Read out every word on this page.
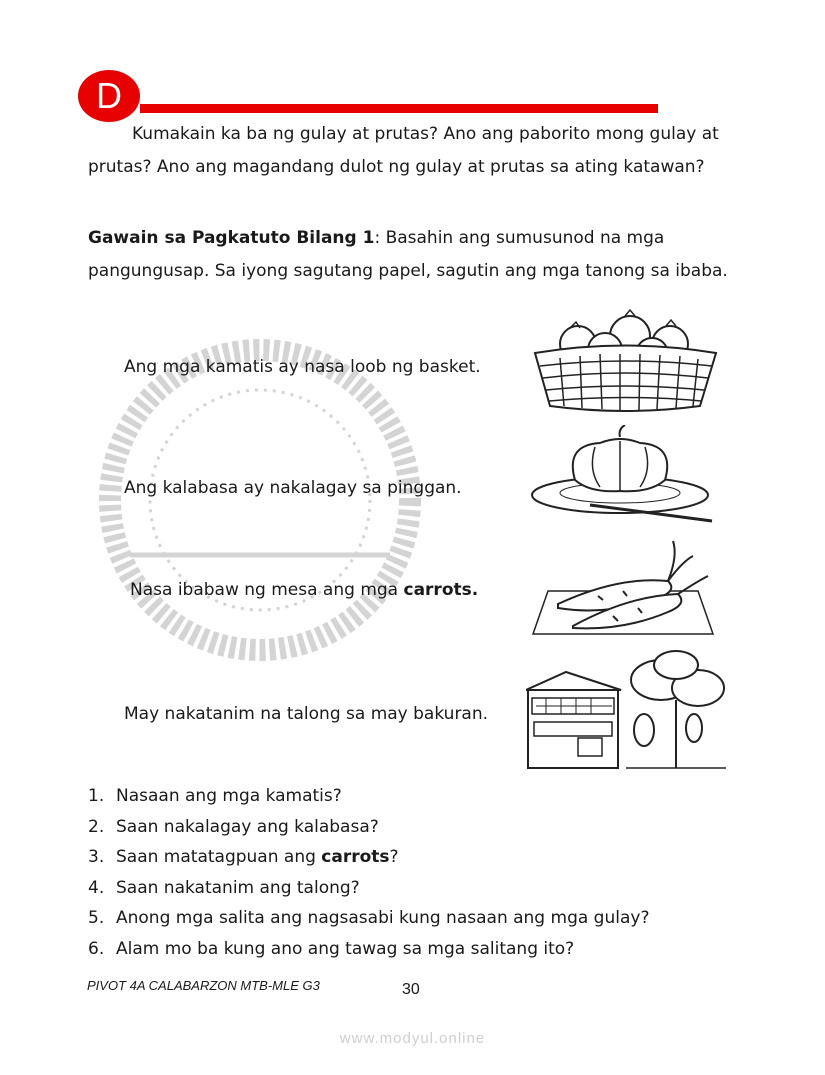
D

Kumakain ka ba ng gulay at prutas? Ano ang paborito mong gulay at prutas? Ano ang magandang dulot ng gulay at prutas sa ating katawan?

Gawain sa Pagkatuto Bilang 1: Basahin ang sumusunod na mga pangungusap. Sa iyong sagutang papel, sagutin ang mga tanong sa ibaba.

Ang mga kamatis ay nasa loob ng basket.
Ang kalabasa ay nakalagay sa pinggan.
Nasa ibabaw ng mesa ang mga carrots.
May nakatanim na talong sa may bakuran.
1. Nasaan ang mga kamatis?
2. Saan nakalagay ang kalabasa?
3. Saan matatagpuan ang carrots?
4. Saan nakatanim ang talong?
5. Anong mga salita ang nagsasabi kung nasaan ang mga gulay?
6. Alam mo ba kung ano ang tawag sa mga salitang ito?
PIVOT 4A CALABARZON MTB-MLE G3	30
www.modyul.online
